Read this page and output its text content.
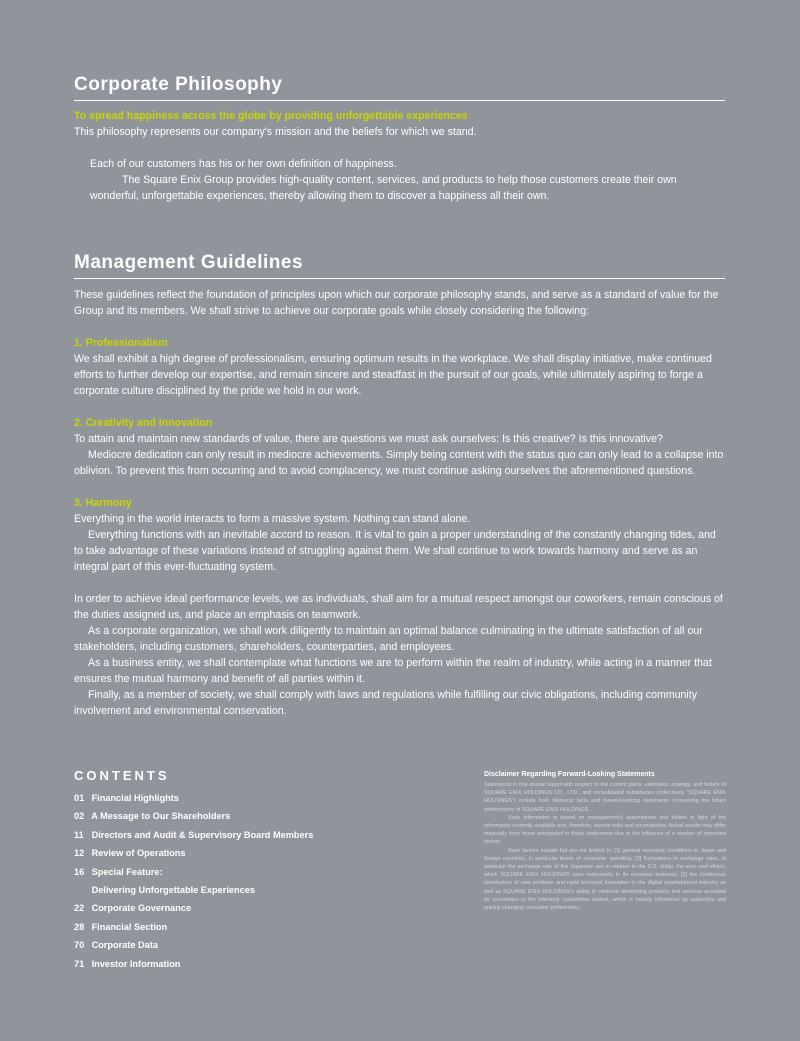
Corporate Philosophy

To spread happiness across the globe by providing unforgettable experiences

This philosophy represents our company's mission and the beliefs for which we stand.

Each of our customers has his or her own definition of happiness.

The Square Enix Group provides high-quality content, services, and products to help those customers create their own wonderful, unforgettable experiences, thereby allowing them to discover a happiness all their own.

Management Guidelines

These guidelines reflect the foundation of principles upon which our corporate philosophy stands, and serve as a standard of value for the Group and its members. We shall strive to achieve our corporate goals while closely considering the following:

1. Professionalism

We shall exhibit a high degree of professionalism, ensuring optimum results in the workplace. We shall display initiative, make continued efforts to further develop our expertise, and remain sincere and steadfast in the pursuit of our goals, while ultimately aspiring to forge a corporate culture disciplined by the pride we hold in our work.

2. Creativity and Innovation

To attain and maintain new standards of value, there are questions we must ask ourselves: Is this creative? Is this innovative?

Mediocre dedication can only result in mediocre achievements. Simply being content with the status quo can only lead to a collapse into oblivion. To prevent this from occurring and to avoid complacency, we must continue asking ourselves the aforementioned questions.

3. Harmony

Everything in the world interacts to form a massive system. Nothing can stand alone.

Everything functions with an inevitable accord to reason. It is vital to gain a proper understanding of the constantly changing tides, and to take advantage of these variations instead of struggling against them. We shall continue to work towards harmony and serve as an integral part of this ever-fluctuating system.

In order to achieve ideal performance levels, we as individuals, shall aim for a mutual respect amongst our coworkers, remain conscious of the duties assigned us, and place an emphasis on teamwork.

As a corporate organization, we shall work diligently to maintain an optimal balance culminating in the ultimate satisfaction of all our stakeholders, including customers, shareholders, counterparties, and employees.

As a business entity, we shall contemplate what functions we are to perform within the realm of industry, while acting in a manner that ensures the mutual harmony and benefit of all parties within it.

Finally, as a member of society, we shall comply with laws and regulations while fulfilling our civic obligations, including community involvement and environmental conservation.

CONTENTS
01 Financial Highlights
02 A Message to Our Shareholders
11 Directors and Audit & Supervisory Board Members
12 Review of Operations
16 Special Feature:
Delivering Unforgettable Experiences
22 Corporate Governance
28 Financial Section
70 Corporate Data
71 Investor Information
Disclaimer Regarding Forward-Looking Statements

Statements in this annual report with respect to the current plans, estimates, strategy, and beliefs of SQUARE ENIX HOLDINGS CO., LTD., and consolidated subsidiaries (collectively "SQUARE ENIX HOLDINGS") include both historical facts and forward-looking statements concerning the future performance of SQUARE ENIX HOLDINGS.

Such information is based on management's assumptions and beliefs in light of the information currently available and, therefore, involve risks and uncertainties. Actual results may differ materially from those anticipated in these statements due to the influence of a number of important factors.

Such factors include but are not limited to: [1] general economic conditions in Japan and foreign countries, in particular levels of consumer spending; [2] fluctuations in exchange rates, in particular the exchange rate of the Japanese yen in relation to the U.S. dollar, the euro and others, which SQUARE ENIX HOLDINGS uses extensively in its overseas business; [3] the continuous introduction of new products and rapid technical innovation in the digital entertainment industry as well as SQUARE ENIX HOLDINGS's ability to continue developing products and services accepted by consumers in the intensely competitive market, which is heavily influenced by subjective and quickly changing consumer preferences.
